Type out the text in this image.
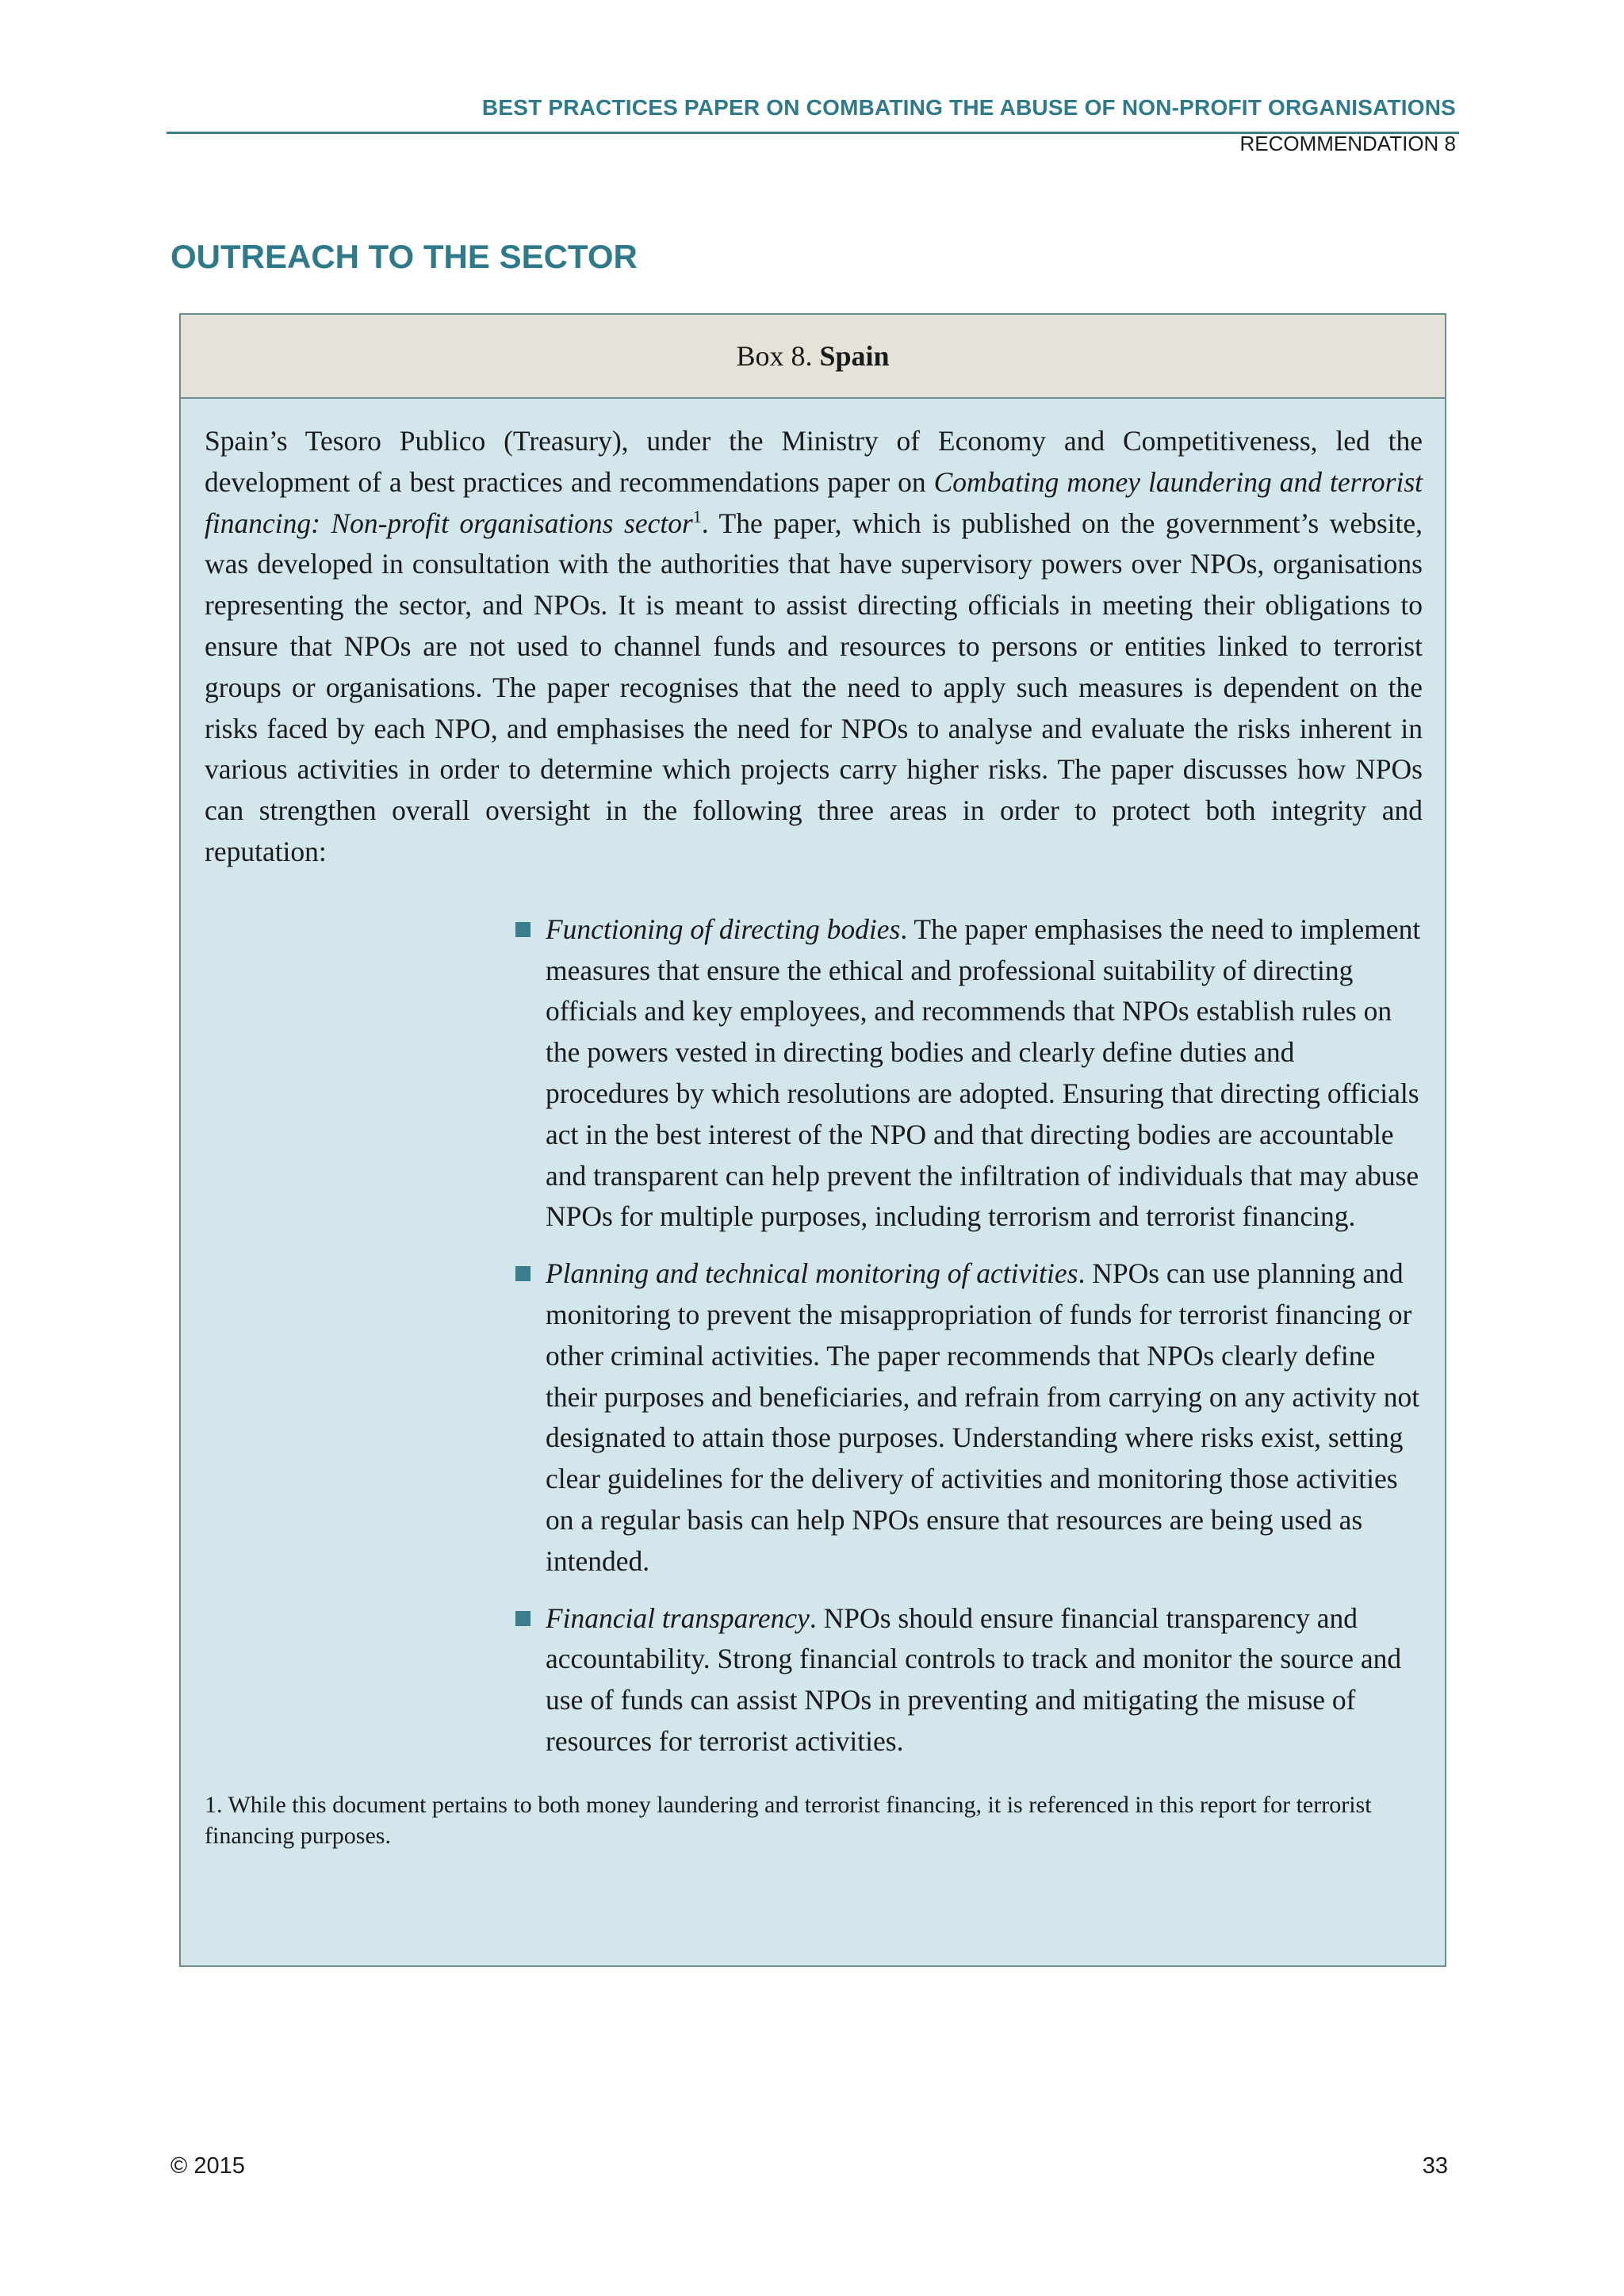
BEST PRACTICES PAPER ON COMBATING THE ABUSE OF NON-PROFIT ORGANISATIONS
RECOMMENDATION 8
OUTREACH TO THE SECTOR
Box 8. Spain

Spain’s Tesoro Publico (Treasury), under the Ministry of Economy and Competitiveness, led the development of a best practices and recommendations paper on Combating money laundering and terrorist financing: Non-profit organisations sector$^1$. The paper, which is published on the government’s website, was developed in consultation with the authorities that have supervisory powers over NPOs, organisations representing the sector, and NPOs. It is meant to assist directing officials in meeting their obligations to ensure that NPOs are not used to channel funds and resources to persons or entities linked to terrorist groups or organisations. The paper recognises that the need to apply such measures is dependent on the risks faced by each NPO, and emphasises the need for NPOs to analyse and evaluate the risks inherent in various activities in order to determine which projects carry higher risks. The paper discusses how NPOs can strengthen overall oversight in the following three areas in order to protect both integrity and reputation:

Functioning of directing bodies. The paper emphasises the need to implement measures that ensure the ethical and professional suitability of directing officials and key employees, and recommends that NPOs establish rules on the powers vested in directing bodies and clearly define duties and procedures by which resolutions are adopted. Ensuring that directing officials act in the best interest of the NPO and that directing bodies are accountable and transparent can help prevent the infiltration of individuals that may abuse NPOs for multiple purposes, including terrorism and terrorist financing.
Planning and technical monitoring of activities. NPOs can use planning and monitoring to prevent the misappropriation of funds for terrorist financing or other criminal activities. The paper recommends that NPOs clearly define their purposes and beneficiaries, and refrain from carrying on any activity not designated to attain those purposes. Understanding where risks exist, setting clear guidelines for the delivery of activities and monitoring those activities on a regular basis can help NPOs ensure that resources are being used as intended.
Financial transparency. NPOs should ensure financial transparency and accountability. Strong financial controls to track and monitor the source and use of funds can assist NPOs in preventing and mitigating the misuse of resources for terrorist activities.

1. While this document pertains to both money laundering and terrorist financing, it is referenced in this report for terrorist financing purposes.

© 2015	33
